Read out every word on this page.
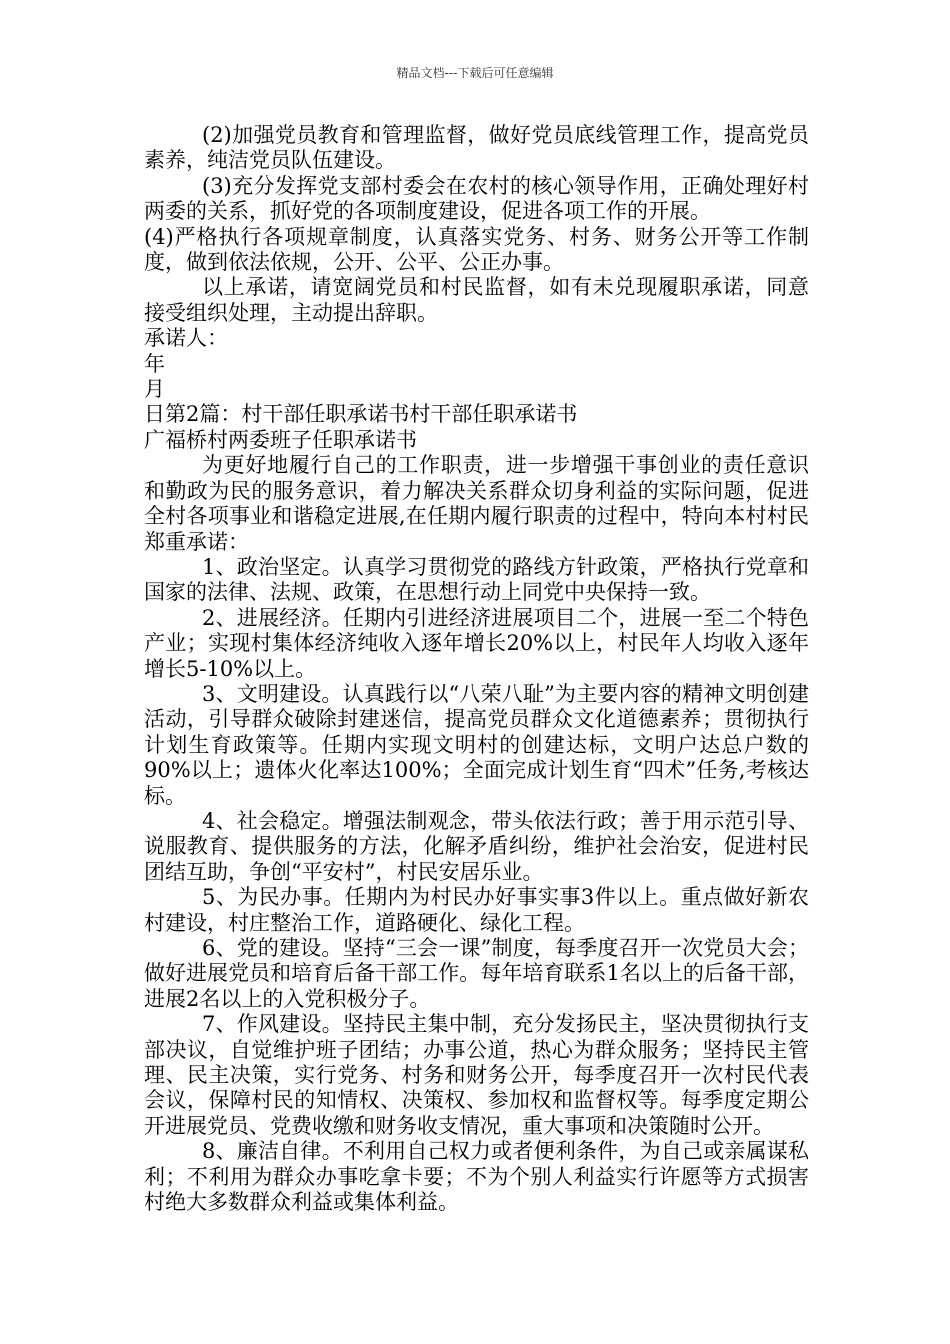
精品文档---下载后可任意编辑

(2)加强党员教育和管理监督，做好党员底线管理工作，提高党员素养，纯洁党员队伍建设。

(3)充分发挥党支部村委会在农村的核心领导作用，正确处理好村两委的关系，抓好党的各项制度建设，促进各项工作的开展。

(4)严格执行各项规章制度，认真落实党务、村务、财务公开等工作制度，做到依法依规，公开、公平、公正办事。

以上承诺，请宽阔党员和村民监督，如有未兑现履职承诺，同意接受组织处理，主动提出辞职。

承诺人：

年

月

日第2篇：村干部任职承诺书村干部任职承诺书

广福桥村两委班子任职承诺书

为更好地履行自己的工作职责，进一步增强干事创业的责任意识和勤政为民的服务意识，着力解决关系群众切身利益的实际问题，促进全村各项事业和谐稳定进展,在任期内履行职责的过程中，特向本村村民郑重承诺：

1、政治坚定。认真学习贯彻党的路线方针政策，严格执行党章和国家的法律、法规、政策，在思想行动上同党中央保持一致。

2、进展经济。任期内引进经济进展项目二个，进展一至二个特色产业；实现村集体经济纯收入逐年增长20%以上，村民年人均收入逐年增长5-10%以上。

3、文明建设。认真践行以“八荣八耻”为主要内容的精神文明创建活动，引导群众破除封建迷信，提高党员群众文化道德素养；贯彻执行计划生育政策等。任期内实现文明村的创建达标，文明户达总户数的90%以上；遗体火化率达100%；全面完成计划生育“四术”任务,考核达标。

4、社会稳定。增强法制观念，带头依法行政；善于用示范引导、说服教育、提供服务的方法，化解矛盾纠纷，维护社会治安，促进村民团结互助，争创“平安村”，村民安居乐业。

5、为民办事。任期内为村民办好事实事3件以上。重点做好新农村建设，村庄整治工作，道路硬化、绿化工程。

6、党的建设。坚持“三会一课”制度，每季度召开一次党员大会；做好进展党员和培育后备干部工作。每年培育联系1名以上的后备干部，进展2名以上的入党积极分子。

7、作风建设。坚持民主集中制，充分发扬民主，坚决贯彻执行支部决议，自觉维护班子团结；办事公道，热心为群众服务；坚持民主管理、民主决策，实行党务、村务和财务公开，每季度召开一次村民代表会议，保障村民的知情权、决策权、参加权和监督权等。每季度定期公开进展党员、党费收缴和财务收支情况，重大事项和决策随时公开。

8、廉洁自律。不利用自己权力或者便利条件，为自己或亲属谋私利；不利用为群众办事吃拿卡要；不为个别人利益实行许愿等方式损害村绝大多数群众利益或集体利益。
